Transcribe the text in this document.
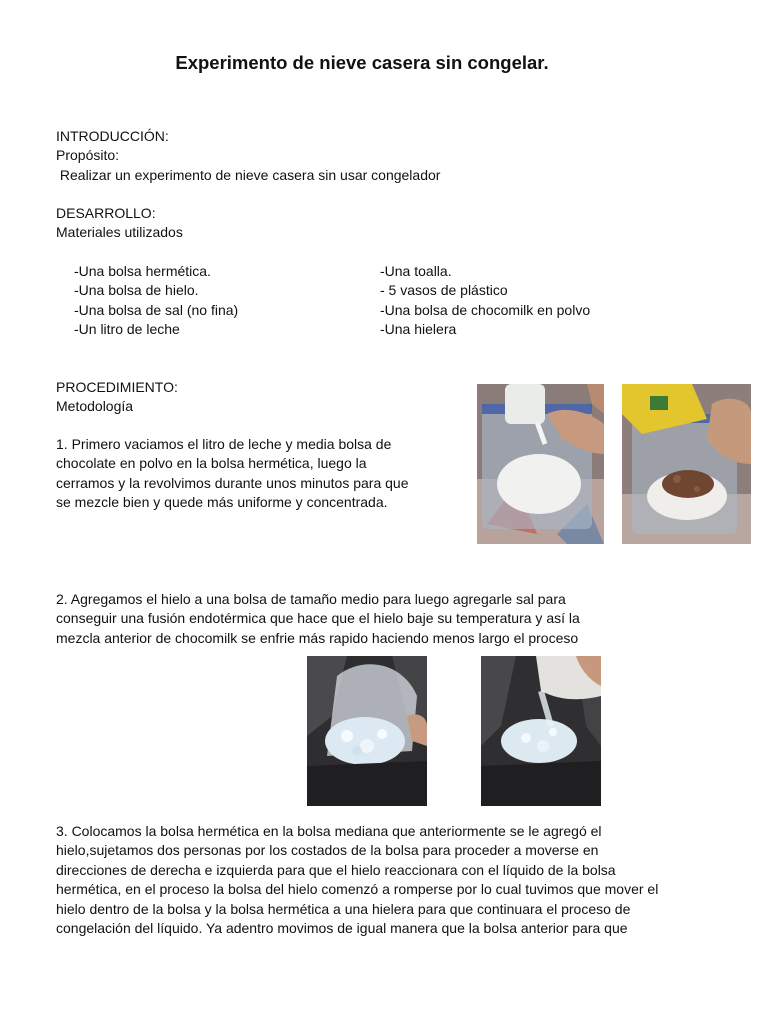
Experimento de nieve casera sin congelar.
INTRODUCCIÓN:
Propósito:
Realizar un experimento de nieve casera sin usar congelador
DESARROLLO:
Materiales utilizados
-Una bolsa hermética.
-Una bolsa de hielo.
-Una bolsa de sal (no fina)
-Un litro de leche
-Una toalla.
- 5 vasos de plástico
-Una bolsa de chocomilk en polvo
-Una hielera
PROCEDIMIENTO:
Metodología
1. Primero vaciamos el litro de leche y media bolsa de
chocolate en polvo en la bolsa hermética, luego la
cerramos y la revolvimos durante unos minutos para que
se mezcle bien y quede más uniforme y concentrada.
2. Agregamos el hielo a una bolsa de tamaño medio para luego agregarle sal para
conseguir una fusión endotérmica que hace que el hielo baje su temperatura y así la
mezcla anterior de chocomilk se enfrie más rapido haciendo menos largo el proceso
3. Colocamos la bolsa hermética en la bolsa mediana que anteriormente se le agregó el
hielo,sujetamos dos personas por los costados de la bolsa para proceder a moverse en
direcciones de derecha e izquierda para que el hielo reaccionara con el líquido de la bolsa
hermética, en el proceso la bolsa del hielo comenzó a romperse por lo cual tuvimos que mover el
hielo dentro de la bolsa y la bolsa hermética a una hielera para que continuara el proceso de
congelación del líquido. Ya adentro movimos de igual manera que la bolsa anterior para que
